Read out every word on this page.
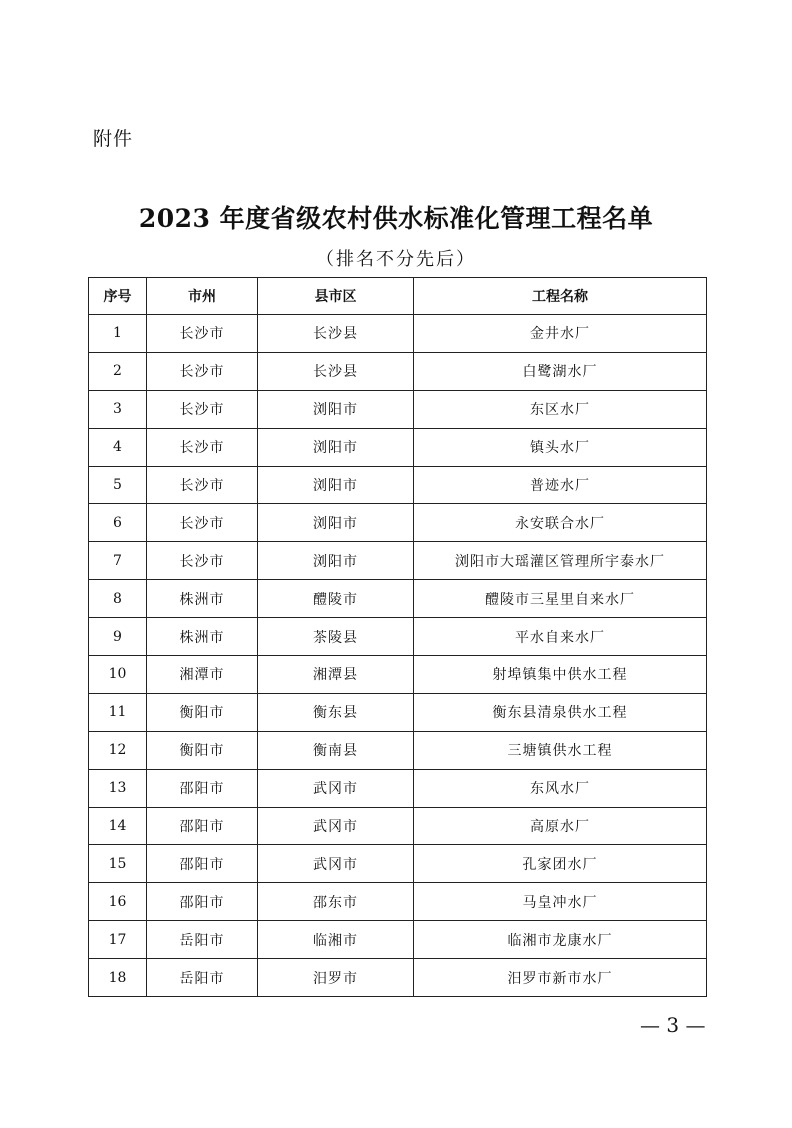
附件
2023 年度省级农村供水标准化管理工程名单
（排名不分先后）
序号	市州	县市区	工程名称
1	长沙市	长沙县	金井水厂
2	长沙市	长沙县	白鹭湖水厂
3	长沙市	浏阳市	东区水厂
4	长沙市	浏阳市	镇头水厂
5	长沙市	浏阳市	普迹水厂
6	长沙市	浏阳市	永安联合水厂
7	长沙市	浏阳市	浏阳市大瑶灌区管理所宇泰水厂
8	株洲市	醴陵市	醴陵市三星里自来水厂
9	株洲市	茶陵县	平水自来水厂
10	湘潭市	湘潭县	射埠镇集中供水工程
11	衡阳市	衡东县	衡东县清泉供水工程
12	衡阳市	衡南县	三塘镇供水工程
13	邵阳市	武冈市	东风水厂
14	邵阳市	武冈市	高原水厂
15	邵阳市	武冈市	孔家团水厂
16	邵阳市	邵东市	马皇冲水厂
17	岳阳市	临湘市	临湘市龙康水厂
18	岳阳市	汨罗市	汨罗市新市水厂
— 3 —
